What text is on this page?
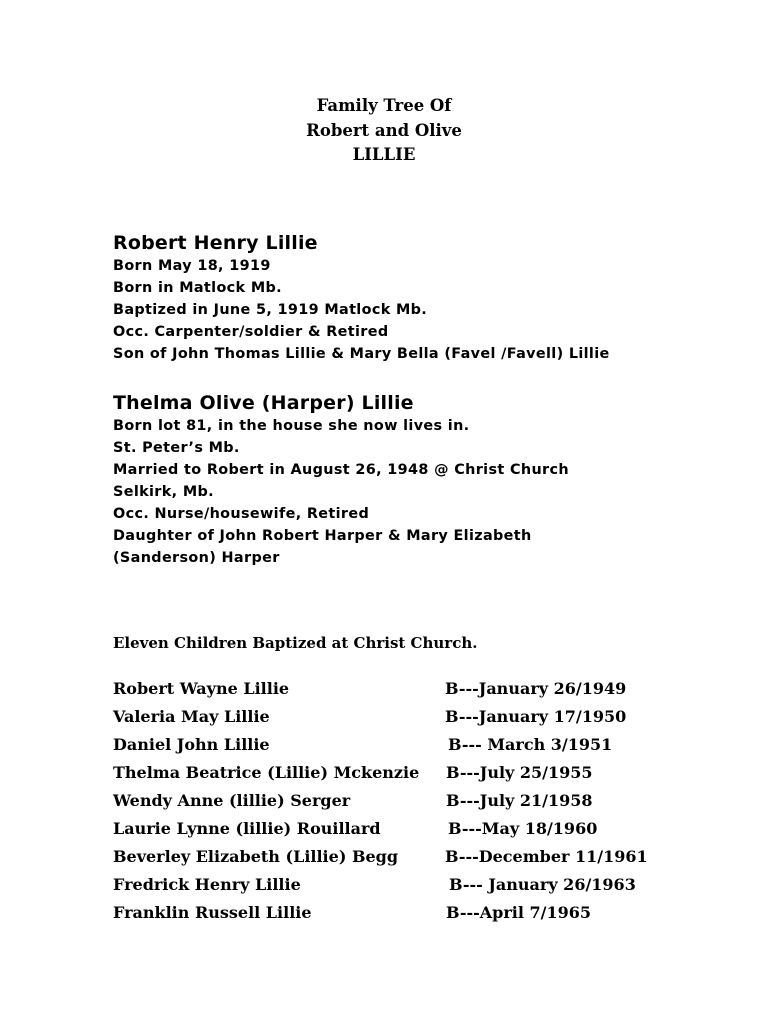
Family Tree Of
Robert and Olive
LILLIE
Robert Henry Lillie
Born May 18, 1919
Born in Matlock Mb.
Baptized in June 5, 1919 Matlock Mb.
Occ. Carpenter/soldier & Retired
Son of John Thomas Lillie & Mary Bella (Favel /Favell) Lillie
Thelma Olive (Harper) Lillie
Born lot 81, in the house she now lives in.
St. Peter’s Mb.
Married to Robert in August 26, 1948 @ Christ Church
Selkirk, Mb.
Occ. Nurse/housewife, Retired
Daughter of John Robert Harper & Mary Elizabeth
(Sanderson) Harper
Eleven Children Baptized at Christ Church.
Robert Wayne Lillie	B---January 26/1949
Valeria May Lillie	B---January 17/1950
Daniel John Lillie	B--- March 3/1951
Thelma Beatrice (Lillie) Mckenzie B---July 25/1955
Wendy Anne (lillie) Serger	B---July 21/1958
Laurie Lynne (lillie) Rouillard	B---May 18/1960
Beverley Elizabeth (Lillie) Begg	B---December 11/1961
Fredrick Henry Lillie	B--- January 26/1963
Franklin Russell Lillie	B---April 7/1965
